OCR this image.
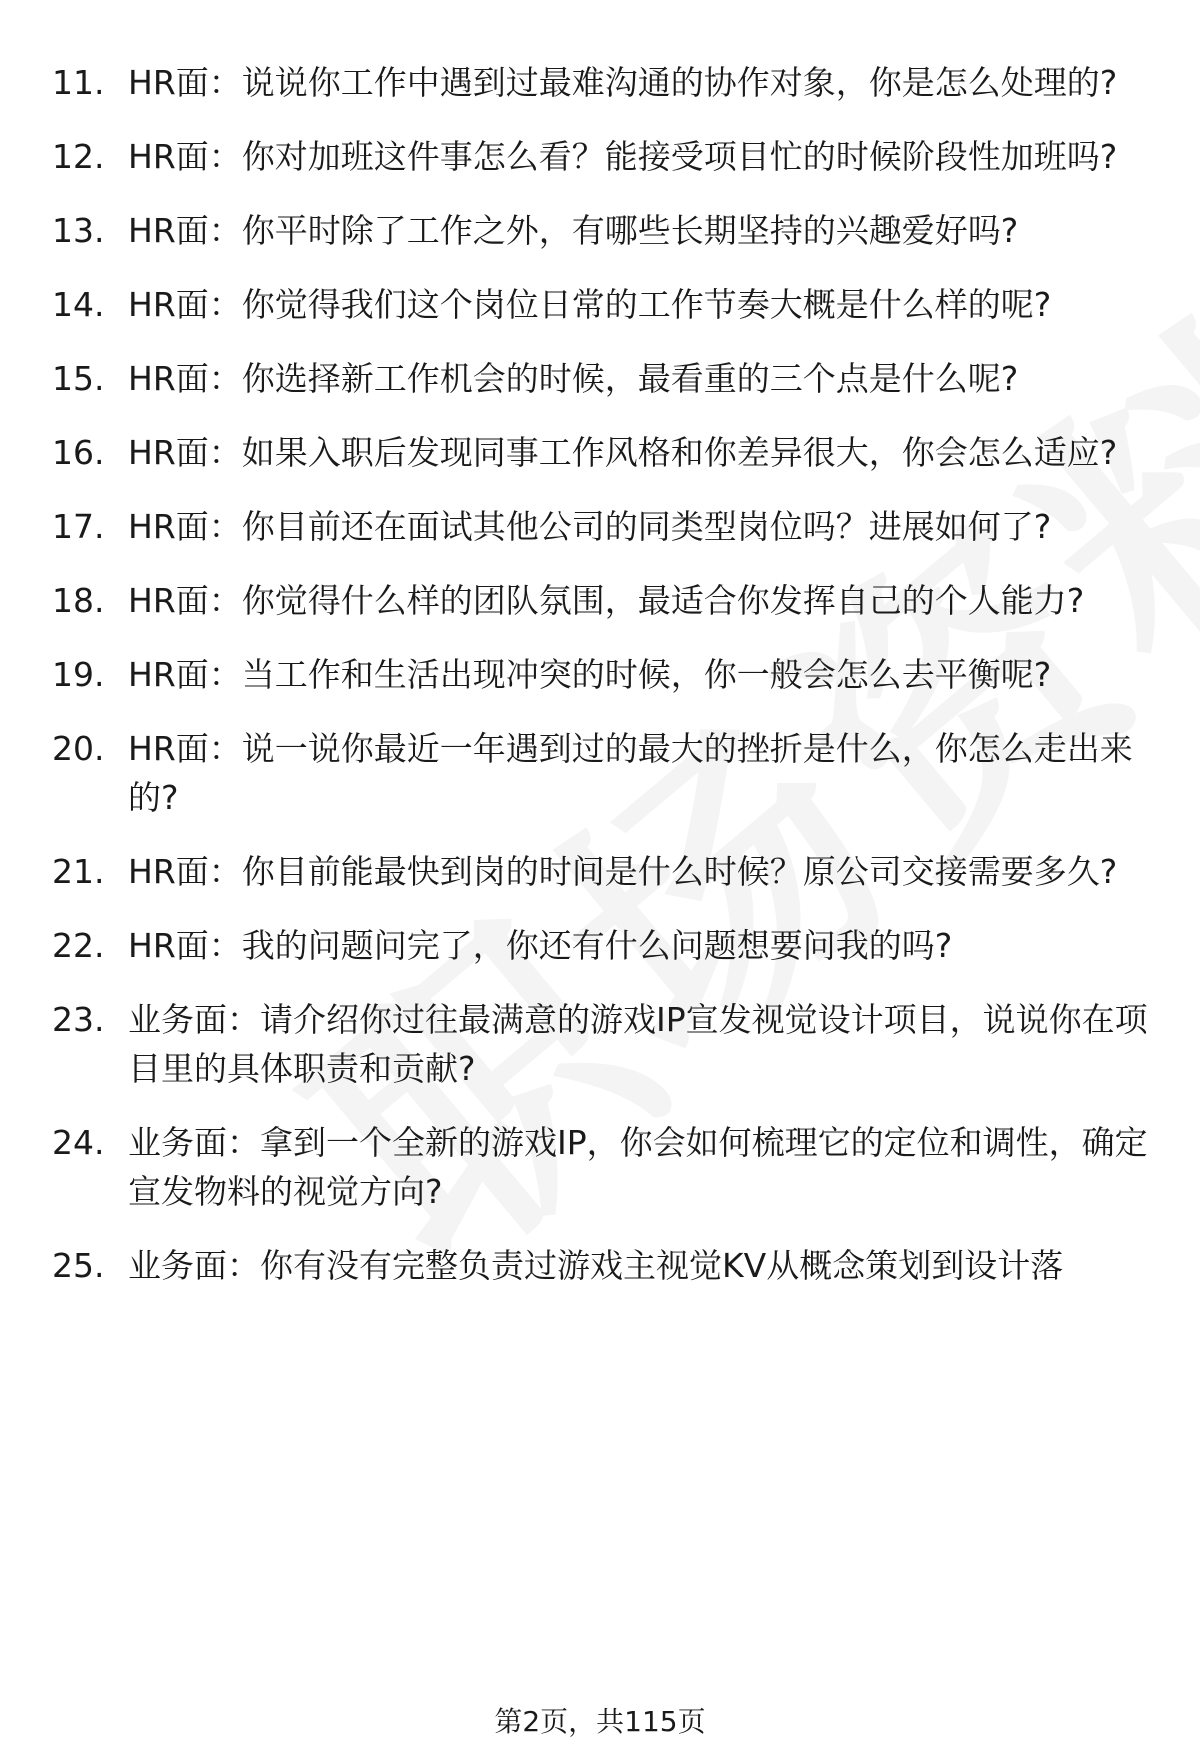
11. HR面：说说你工作中遇到过最难沟通的协作对象，你是怎么处理的?
12. HR面：你对加班这件事怎么看？能接受项目忙的时候阶段性加班吗?
13. HR面：你平时除了工作之外，有哪些长期坚持的兴趣爱好吗?
14. HR面：你觉得我们这个岗位日常的工作节奏大概是什么样的呢?
15. HR面：你选择新工作机会的时候，最看重的三个点是什么呢?
16. HR面：如果入职后发现同事工作风格和你差异很大，你会怎么适应?
17. HR面：你目前还在面试其他公司的同类型岗位吗？进展如何了?
18. HR面：你觉得什么样的团队氛围，最适合你发挥自己的个人能力?
19. HR面：当工作和生活出现冲突的时候，你一般会怎么去平衡呢?
20. HR面：说一说你最近一年遇到过的最大的挫折是什么，你怎么走出来的?
21. HR面：你目前能最快到岗的时间是什么时候？原公司交接需要多久?
22. HR面：我的问题问完了，你还有什么问题想要问我的吗?
23. 业务面：请介绍你过往最满意的游戏IP宣发视觉设计项目，说说你在项目里的具体职责和贡献?
24. 业务面：拿到一个全新的游戏IP，你会如何梳理它的定位和调性，确定宣发物料的视觉方向?
25. 业务面：你有没有完整负责过游戏主视觉KV从概念策划到设计落
第2页，共115页
